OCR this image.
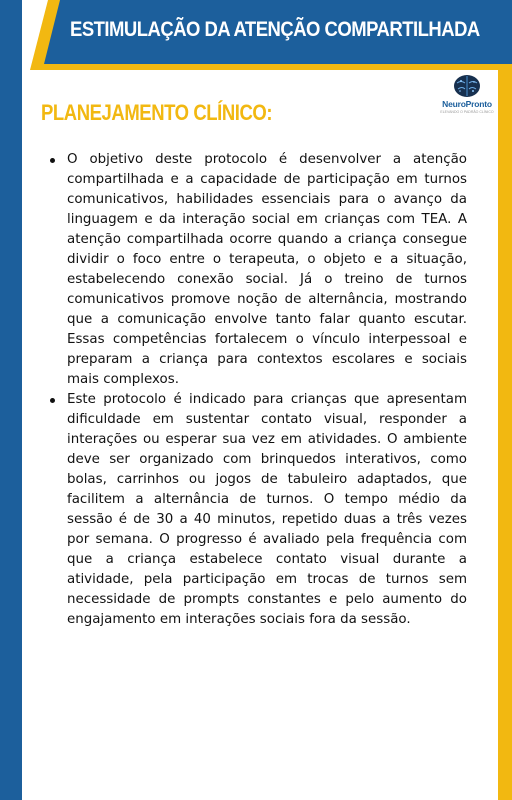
ESTIMULAÇÃO DA ATENÇÃO COMPARTILHADA
PLANEJAMENTO CLÍNICO:	NeuroPronto
ELEVANDO O PADRÃO CLÍNICO
O objetivo deste protocolo é desenvolver a atenção compartilhada e a capacidade de participação em turnos comunicativos, habilidades essenciais para o avanço da linguagem e da interação social em crianças com TEA. A atenção compartilhada ocorre quando a criança consegue dividir o foco entre o terapeuta, o objeto e a situação, estabelecendo conexão social. Já o treino de turnos comunicativos promove noção de alternância, mostrando que a comunicação envolve tanto falar quanto escutar. Essas competências fortalecem o vínculo interpessoal e preparam a criança para contextos escolares e sociais mais complexos.
Este protocolo é indicado para crianças que apresentam dificuldade em sustentar contato visual, responder a interações ou esperar sua vez em atividades. O ambiente deve ser organizado com brinquedos interativos, como bolas, carrinhos ou jogos de tabuleiro adaptados, que facilitem a alternância de turnos. O tempo médio da sessão é de 30 a 40 minutos, repetido duas a três vezes por semana. O progresso é avaliado pela frequência com que a criança estabelece contato visual durante a atividade, pela participação em trocas de turnos sem necessidade de prompts constantes e pelo aumento do engajamento em interações sociais fora da sessão.
